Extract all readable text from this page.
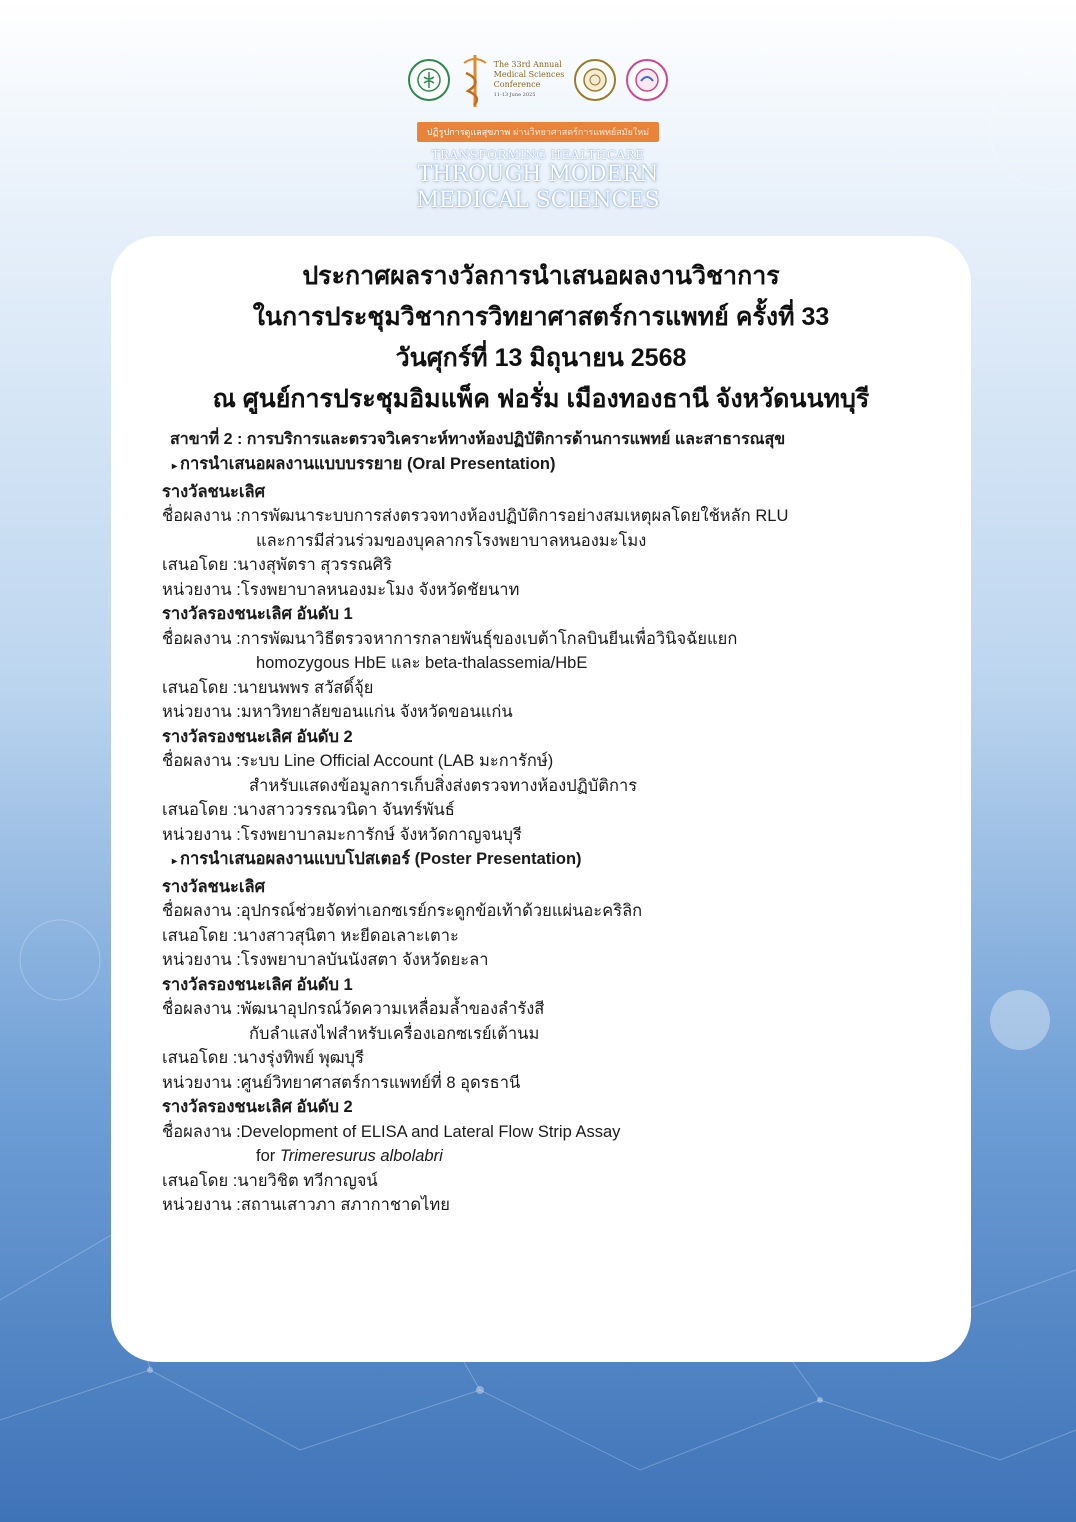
The 33rd Annual
Medical Sciences
Conference
11-13 June 2025
ปฏิรูปการดูแลสุขภาพ ผ่านวิทยาศาสตร์การแพทย์สมัยใหม่
TRANSFORMING HEALTHCARE
THROUGH MODERN
MEDICAL SCIENCES
ประกาศผลรางวัลการนำเสนอผลงานวิชาการ
ในการประชุมวิชาการวิทยาศาสตร์การแพทย์ ครั้งที่ 33
วันศุกร์ที่ 13 มิถุนายน 2568
ณ ศูนย์การประชุมอิมแพ็ค ฟอรั่ม เมืองทองธานี จังหวัดนนทบุรี
สาขาที่ 2 : การบริการและตรวจวิเคราะห์ทางห้องปฏิบัติการด้านการแพทย์ และสาธารณสุข
▸ การนำเสนอผลงานแบบบรรยาย (Oral Presentation)
รางวัลชนะเลิศ
ชื่อผลงาน : การพัฒนาระบบการส่งตรวจทางห้องปฏิบัติการอย่างสมเหตุผลโดยใช้หลัก RLU
และการมีส่วนร่วมของบุคลากรโรงพยาบาลหนองมะโมง
เสนอโดย : นางสุพัตรา สุวรรณศิริ
หน่วยงาน : โรงพยาบาลหนองมะโมง จังหวัดชัยนาท
รางวัลรองชนะเลิศ อันดับ 1
ชื่อผลงาน : การพัฒนาวิธีตรวจหาการกลายพันธุ์ของเบต้าโกลบินยีนเพื่อวินิจฉัยแยก
homozygous HbE และ beta-thalassemia/HbE
เสนอโดย : นายนพพร สวัสดิ์จุ้ย
หน่วยงาน : มหาวิทยาลัยขอนแก่น จังหวัดขอนแก่น
รางวัลรองชนะเลิศ อันดับ 2
ชื่อผลงาน : ระบบ Line Official Account (LAB มะการักษ์)
สำหรับแสดงข้อมูลการเก็บสิ่งส่งตรวจทางห้องปฏิบัติการ
เสนอโดย : นางสาววรรณวนิดา จันทร์พันธ์
หน่วยงาน : โรงพยาบาลมะการักษ์ จังหวัดกาญจนบุรี
▸ การนำเสนอผลงานแบบโปสเตอร์ (Poster Presentation)
รางวัลชนะเลิศ
ชื่อผลงาน : อุปกรณ์ช่วยจัดท่าเอกซเรย์กระดูกข้อเท้าด้วยแผ่นอะคริลิก
เสนอโดย : นางสาวสุนิตา หะยีดอเลาะเตาะ
หน่วยงาน : โรงพยาบาลบันนังสตา จังหวัดยะลา
รางวัลรองชนะเลิศ อันดับ 1
ชื่อผลงาน : พัฒนาอุปกรณ์วัดความเหลื่อมล้ำของลำรังสี
กับลำแสงไฟสำหรับเครื่องเอกซเรย์เต้านม
เสนอโดย : นางรุ่งทิพย์ พุฒบุรี
หน่วยงาน : ศูนย์วิทยาศาสตร์การแพทย์ที่ 8 อุดรธานี
รางวัลรองชนะเลิศ อันดับ 2
ชื่อผลงาน : Development of ELISA and Lateral Flow Strip Assay
for Trimeresurus albolabri
เสนอโดย : นายวิชิต ทวีกาญจน์
หน่วยงาน : สถานเสาวภา สภากาชาดไทย
